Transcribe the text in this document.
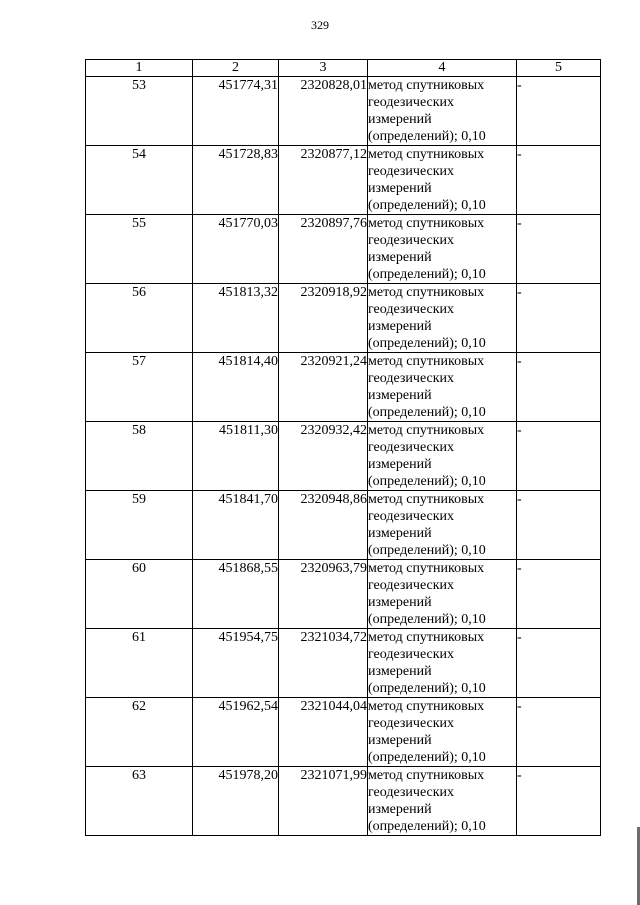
329
1	2	3	4	5
53	451774,31	2320828,01	метод спутниковых
геодезических
измерений
(определений); 0,10	-
54	451728,83	2320877,12	метод спутниковых
геодезических
измерений
(определений); 0,10	-
55	451770,03	2320897,76	метод спутниковых
геодезических
измерений
(определений); 0,10	-
56	451813,32	2320918,92	метод спутниковых
геодезических
измерений
(определений); 0,10	-
57	451814,40	2320921,24	метод спутниковых
геодезических
измерений
(определений); 0,10	-
58	451811,30	2320932,42	метод спутниковых
геодезических
измерений
(определений); 0,10	-
59	451841,70	2320948,86	метод спутниковых
геодезических
измерений
(определений); 0,10	-
60	451868,55	2320963,79	метод спутниковых
геодезических
измерений
(определений); 0,10	-
61	451954,75	2321034,72	метод спутниковых
геодезических
измерений
(определений); 0,10	-
62	451962,54	2321044,04	метод спутниковых
геодезических
измерений
(определений); 0,10	-
63	451978,20	2321071,99	метод спутниковых
геодезических
измерений
(определений); 0,10	-
